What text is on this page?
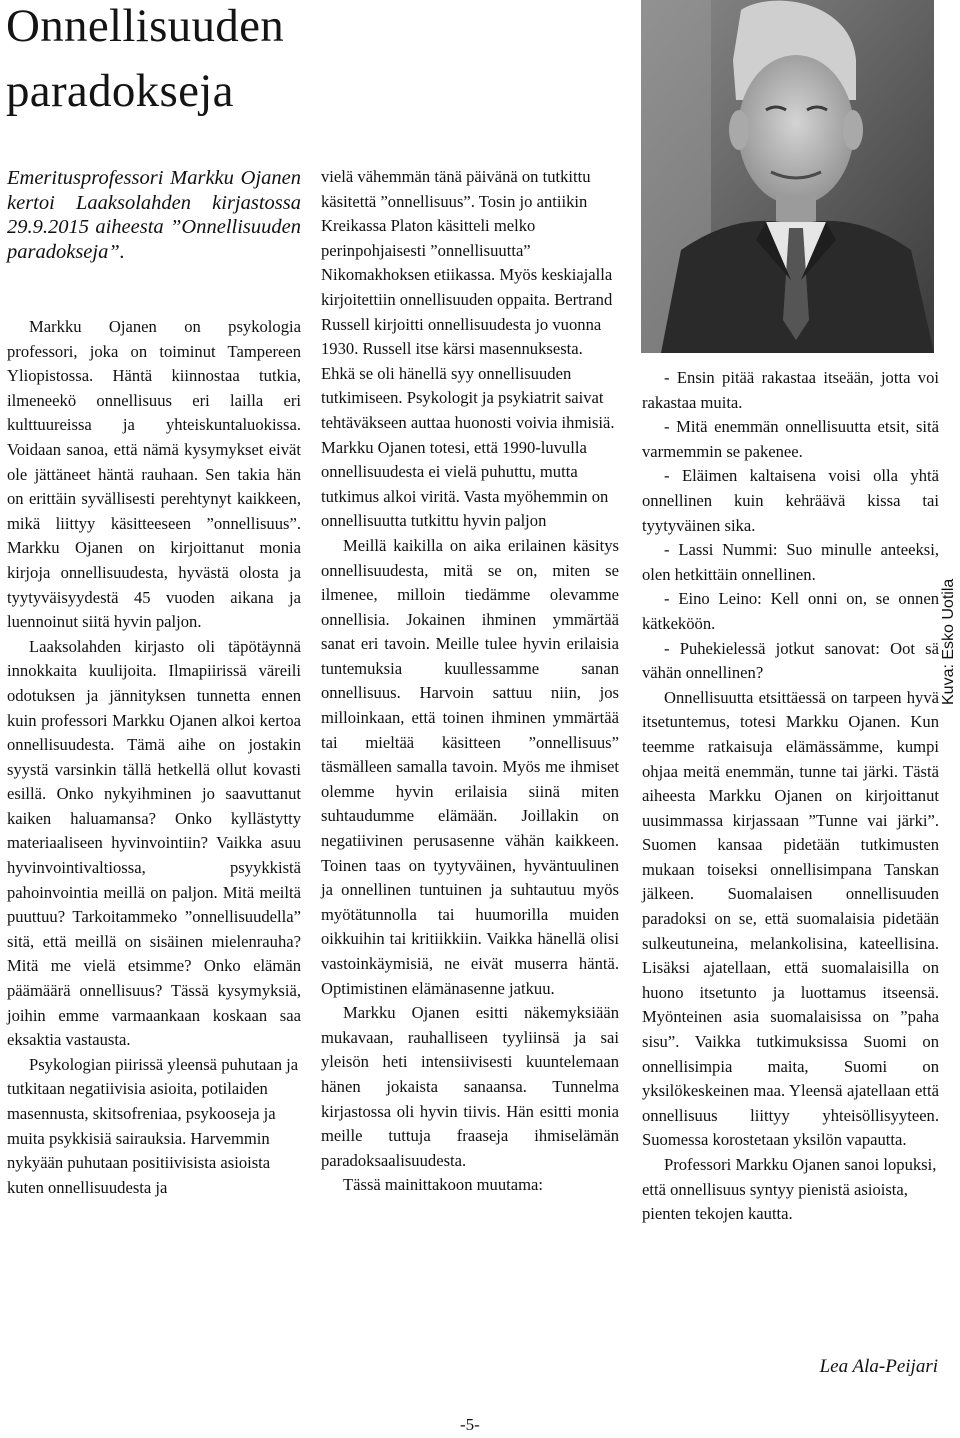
Onnellisuuden paradokseja

Emeritusprofessori Markku Ojanen kertoi Laaksolahden kirjastossa 29.9.2015 aiheesta ”Onnellisuuden paradokseja”.

Markku Ojanen on psykologia professori, joka on toiminut Tampereen Yliopistossa. Häntä kiinnostaa tutkia, ilmeneekö onnellisuus eri lailla eri kulttuureissa ja yhteiskuntaluokissa. Voidaan sanoa, että nämä kysymykset eivät ole jättäneet häntä rauhaan. Sen takia hän on erittäin syvällisesti perehtynyt kaikkeen, mikä liittyy käsitteeseen ”onnellisuus”. Markku Ojanen on kirjoittanut monia kirjoja onnellisuudesta, hyvästä olosta ja tyytyväisyydestä 45 vuoden aikana ja luennoinut siitä hyvin paljon.

Laaksolahden kirjasto oli täpötäynnä innokkaita kuulijoita. Ilmapiirissä väreili odotuksen ja jännityksen tunnetta ennen kuin professori Markku Ojanen alkoi kertoa onnellisuudesta. Tämä aihe on jostakin syystä varsinkin tällä hetkellä ollut kovasti esillä. Onko nykyihminen jo saavuttanut kaiken haluamansa? Onko kyllästytty materiaaliseen hyvinvointiin? Vaikka asuu hyvinvointivaltiossa, psyykkistä pahoinvointia meillä on paljon. Mitä meiltä puuttuu? Tarkoitammeko ”onnellisuudella” sitä, että meillä on sisäinen mielenrauha? Mitä me vielä etsimme? Onko elämän päämäärä onnellisuus? Tässä kysymyksiä, joihin emme varmaankaan koskaan saa eksaktia vastausta.

Psykologian piirissä yleensä puhutaan ja tutkitaan negatiivisia asioita, potilaiden masennusta, skitsofreniaa, psykooseja ja muita psykkisiä sairauksia. Harvemmin nykyään puhutaan positiivisista asioista kuten onnellisuudesta ja

vielä vähemmän tänä päivänä on tutkittu käsitettä ”onnellisuus”. Tosin jo antiikin Kreikassa Platon käsitteli melko perinpohjaisesti ”onnellisuutta” Nikomakhoksen etiikassa. Myös keskiajalla kirjoitettiin onnellisuuden oppaita. Bertrand Russell kirjoitti onnellisuudesta jo vuonna 1930. Russell itse kärsi masennuksesta. Ehkä se oli hänellä syy onnellisuuden tutkimiseen. Psykologit ja psykiatrit saivat tehtäväkseen auttaa huonosti voivia ihmisiä. Markku Ojanen totesi, että 1990-luvulla onnellisuudesta ei vielä puhuttu, mutta tutkimus alkoi viritä. Vasta myöhemmin on onnellisuutta tutkittu hyvin paljon

Meillä kaikilla on aika erilainen käsitys onnellisuudesta, mitä se on, miten se ilmenee, milloin tiedämme olevamme onnellisia. Jokainen ihminen ymmärtää sanat eri tavoin. Meille tulee hyvin erilaisia tuntemuksia kuullessamme sanan onnellisuus. Harvoin sattuu niin, jos milloinkaan, että toinen ihminen ymmärtää tai mieltää käsitteen ”onnellisuus” täsmälleen samalla tavoin. Myös me ihmiset olemme hyvin erilaisia siinä miten suhtaudumme elämään. Joillakin on negatiivinen perusasenne vähän kaikkeen. Toinen taas on tyytyväinen, hyväntuulinen ja onnellinen tuntuinen ja suhtautuu myös myötätunnolla tai huumorilla muiden oikkuihin tai kritiikkiin. Vaikka hänellä olisi vastoinkäymisiä, ne eivät muserra häntä. Optimistinen elämänasenne jatkuu.

Markku Ojanen esitti näkemyksiään mukavaan, rauhalliseen tyyliinsä ja sai yleisön heti intensiivisesti kuuntelemaan hänen jokaista sanaansa. Tunnelma kirjastossa oli hyvin tiivis. Hän esitti monia meille tuttuja fraaseja ihmiselämän paradoksaalisuudesta.

Tässä mainittakoon muutama:

Kuva: Esko Uotila

- Ensin pitää rakastaa itseään, jotta voi rakastaa muita.

- Mitä enemmän onnellisuutta etsit, sitä varmemmin se pakenee.

- Eläimen kaltaisena voisi olla yhtä onnellinen kuin kehräävä kissa tai tyytyväinen sika.

- Lassi Nummi: Suo minulle anteeksi, olen hetkittäin onnellinen.

- Eino Leino: Kell onni on, se onnen kätkeköön.

- Puhekielessä jotkut sanovat: Oot sä vähän onnellinen?

Onnellisuutta etsittäessä on tarpeen hyvä itsetuntemus, totesi Markku Ojanen. Kun teemme ratkaisuja elämässämme, kumpi ohjaa meitä enemmän, tunne tai järki. Tästä aiheesta Markku Ojanen on kirjoittanut uusimmassa kirjassaan ”Tunne vai järki”. Suomen kansaa pidetään tutkimusten mukaan toiseksi onnellisimpana Tanskan jälkeen. Suomalaisen onnellisuuden paradoksi on se, että suomalaisia pidetään sulkeutuneina, melankolisina, kateellisina. Lisäksi ajatellaan, että suomalaisilla on huono itsetunto ja luottamus itseensä. Myönteinen asia suomalaisissa on ”paha sisu”. Vaikka tutkimuksissa Suomi on onnellisimpia maita, Suomi on yksilökeskeinen maa. Yleensä ajatellaan että onnellisuus liittyy yhteisöllisyyteen. Suomessa korostetaan yksilön vapautta.

Professori Markku Ojanen sanoi lopuksi, että onnellisuus syntyy pienistä asioista, pienten tekojen kautta.

Lea Ala-Peijari
-5-
